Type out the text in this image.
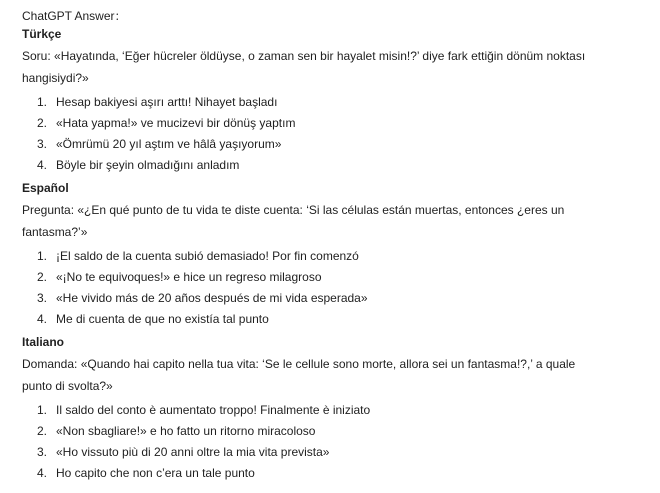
ChatGPT Answer：
Türkçe
Soru: «Hayatında, ‘Eğer hücreler öldüyse, o zaman sen bir hayalet misin!?’ diye fark ettiğin dönüm noktası hangisiydi?»
1. Hesap bakiyesi aşırı arttı! Nihayet başladı
2. «Hata yapma!» ve mucizevi bir dönüş yaptım
3. «Ömrümü 20 yıl aştım ve hâlâ yaşıyorum»
4. Böyle bir şeyin olmadığını anladım
Español
Pregunta: «¿En qué punto de tu vida te diste cuenta: ‘Si las células están muertas, entonces ¿eres un fantasma?’»
1. ¡El saldo de la cuenta subió demasiado! Por fin comenzó
2. «¡No te equivoques!» e hice un regreso milagroso
3. «He vivido más de 20 años después de mi vida esperada»
4. Me di cuenta de que no existía tal punto
Italiano
Domanda: «Quando hai capito nella tua vita: ‘Se le cellule sono morte, allora sei un fantasma!?,’ a quale punto di svolta?»
1. Il saldo del conto è aumentato troppo! Finalmente è iniziato
2. «Non sbagliare!» e ho fatto un ritorno miracoloso
3. «Ho vissuto più di 20 anni oltre la mia vita prevista»
4. Ho capito che non c’era un tale punto
